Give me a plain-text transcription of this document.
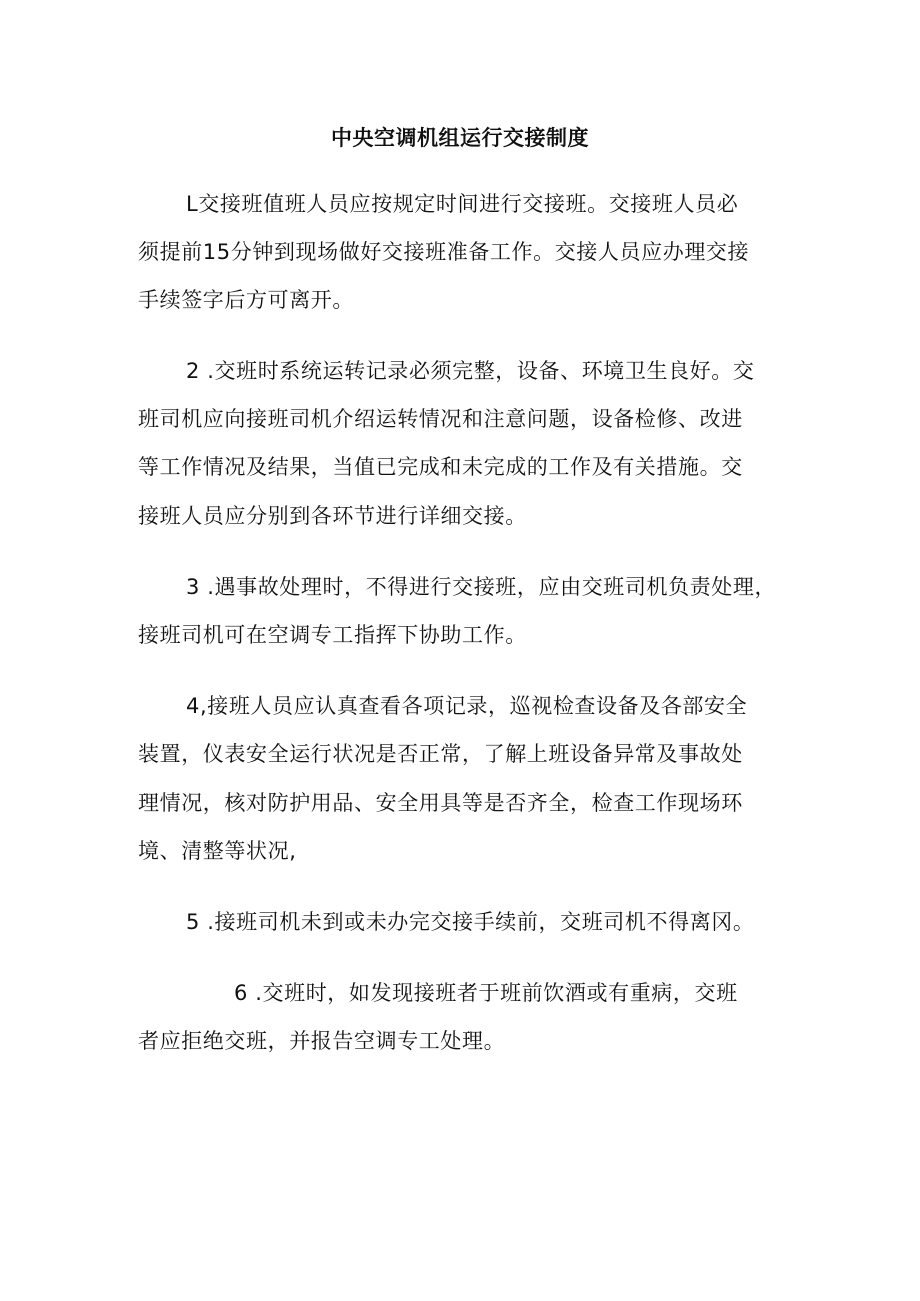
中央空调机组运行交接制度
L交接班值班人员应按规定时间进行交接班。交接班人员必
须提前15分钟到现场做好交接班准备工作。交接人员应办理交接
手续签字后方可离开。
2 .交班时系统运转记录必须完整，设备、环境卫生良好。交
班司机应向接班司机介绍运转情况和注意问题，设备检修、改进
等工作情况及结果，当值已完成和未完成的工作及有关措施。交
接班人员应分别到各环节进行详细交接。
3 .遇事故处理时，不得进行交接班，应由交班司机负责处理，
接班司机可在空调专工指挥下协助工作。
4,接班人员应认真查看各项记录，巡视检查设备及各部安全
装置，仪表安全运行状况是否正常，了解上班设备异常及事故处
理情况，核对防护用品、安全用具等是否齐全，检查工作现场环
境、清整等状况,
5 .接班司机未到或未办完交接手续前，交班司机不得离冈。
6 .交班时，如发现接班者于班前饮酒或有重病，交班
者应拒绝交班，并报告空调专工处理。
